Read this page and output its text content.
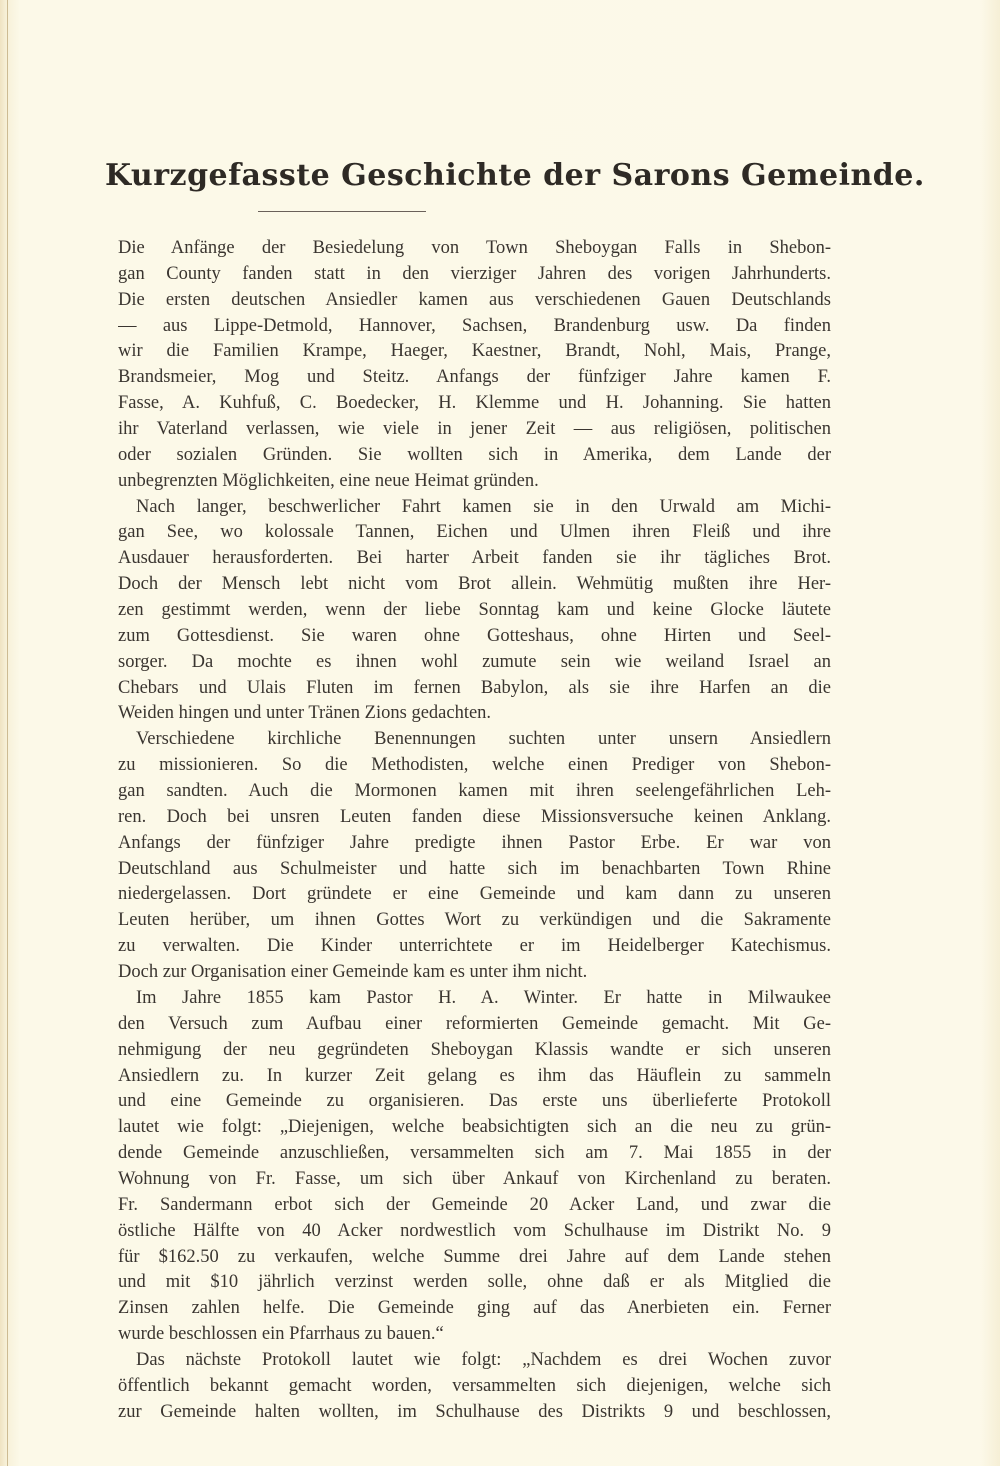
Kurzgefasste Geschichte der Sarons Gemeinde.
Die Anfänge der Besiedelung von Town Sheboygan Falls in Shebon-
gan County fanden statt in den vierziger Jahren des vorigen Jahrhunderts.
Die ersten deutschen Ansiedler kamen aus verschiedenen Gauen Deutschlands
— aus Lippe-Detmold, Hannover, Sachsen, Brandenburg usw. Da finden
wir die Familien Krampe, Haeger, Kaestner, Brandt, Nohl, Mais, Prange,
Brandsmeier, Mog und Steitz. Anfangs der fünfziger Jahre kamen F.
Fasse, A. Kuhfuß, C. Boedecker, H. Klemme und H. Johanning. Sie hatten
ihr Vaterland verlassen, wie viele in jener Zeit — aus religiösen, politischen
oder sozialen Gründen. Sie wollten sich in Amerika, dem Lande der
unbegrenzten Möglichkeiten, eine neue Heimat gründen.
Nach langer, beschwerlicher Fahrt kamen sie in den Urwald am Michi-
gan See, wo kolossale Tannen, Eichen und Ulmen ihren Fleiß und ihre
Ausdauer herausforderten. Bei harter Arbeit fanden sie ihr tägliches Brot.
Doch der Mensch lebt nicht vom Brot allein. Wehmütig mußten ihre Her-
zen gestimmt werden, wenn der liebe Sonntag kam und keine Glocke läutete
zum Gottesdienst. Sie waren ohne Gotteshaus, ohne Hirten und Seel-
sorger. Da mochte es ihnen wohl zumute sein wie weiland Israel an
Chebars und Ulais Fluten im fernen Babylon, als sie ihre Harfen an die
Weiden hingen und unter Tränen Zions gedachten.
Verschiedene kirchliche Benennungen suchten unter unsern Ansiedlern
zu missionieren. So die Methodisten, welche einen Prediger von Shebon-
gan sandten. Auch die Mormonen kamen mit ihren seelengefährlichen Leh-
ren. Doch bei unsren Leuten fanden diese Missionsversuche keinen Anklang.
Anfangs der fünfziger Jahre predigte ihnen Pastor Erbe. Er war von
Deutschland aus Schulmeister und hatte sich im benachbarten Town Rhine
niedergelassen. Dort gründete er eine Gemeinde und kam dann zu unseren
Leuten herüber, um ihnen Gottes Wort zu verkündigen und die Sakramente
zu verwalten. Die Kinder unterrichtete er im Heidelberger Katechismus.
Doch zur Organisation einer Gemeinde kam es unter ihm nicht.
Im Jahre 1855 kam Pastor H. A. Winter. Er hatte in Milwaukee
den Versuch zum Aufbau einer reformierten Gemeinde gemacht. Mit Ge-
nehmigung der neu gegründeten Sheboygan Klassis wandte er sich unseren
Ansiedlern zu. In kurzer Zeit gelang es ihm das Häuflein zu sammeln
und eine Gemeinde zu organisieren. Das erste uns überlieferte Protokoll
lautet wie folgt: „Diejenigen, welche beabsichtigten sich an die neu zu grün-
dende Gemeinde anzuschließen, versammelten sich am 7. Mai 1855 in der
Wohnung von Fr. Fasse, um sich über Ankauf von Kirchenland zu beraten.
Fr. Sandermann erbot sich der Gemeinde 20 Acker Land, und zwar die
östliche Hälfte von 40 Acker nordwestlich vom Schulhause im Distrikt No. 9
für $162.50 zu verkaufen, welche Summe drei Jahre auf dem Lande stehen
und mit $10 jährlich verzinst werden solle, ohne daß er als Mitglied die
Zinsen zahlen helfe. Die Gemeinde ging auf das Anerbieten ein. Ferner
wurde beschlossen ein Pfarrhaus zu bauen.“
Das nächste Protokoll lautet wie folgt: „Nachdem es drei Wochen zuvor
öffentlich bekannt gemacht worden, versammelten sich diejenigen, welche sich
zur Gemeinde halten wollten, im Schulhause des Distrikts 9 und beschlossen,
